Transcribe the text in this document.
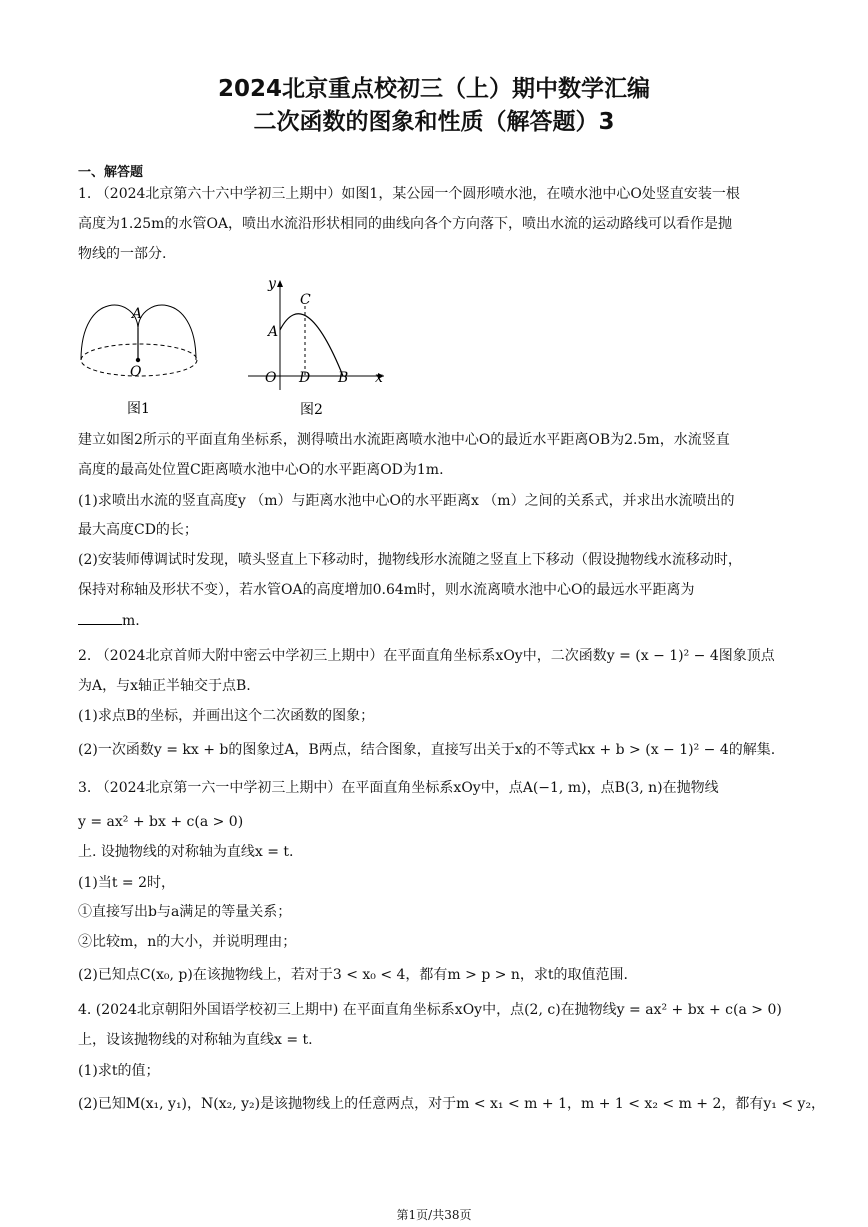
2024北京重点校初三（上）期中数学汇编
二次函数的图象和性质（解答题）3
一、解答题
1. （2024北京第六十六中学初三上期中）如图1，某公园一个圆形喷水池，在喷水池中心O处竖直安装一根
高度为1.25m的水管OA，喷出水流沿形状相同的曲线向各个方向落下，喷出水流的运动路线可以看作是抛
物线的一部分.
A
O
图1
y
C
A
O D B x
图2
建立如图2所示的平面直角坐标系，测得喷出水流距离喷水池中心O的最近水平距离OB为2.5m，水流竖直
高度的最高处位置C距离喷水池中心O的水平距离OD为1m.
(1)求喷出水流的竖直高度y （m）与距离水池中心O的水平距离x （m）之间的关系式，并求出水流喷出的
最大高度CD的长；
(2)安装师傅调试时发现，喷头竖直上下移动时，抛物线形水流随之竖直上下移动（假设抛物线水流移动时，
保持对称轴及形状不变），若水管OA的高度增加0.64m时，则水流离喷水池中心O的最远水平距离为
m.
2. （2024北京首师大附中密云中学初三上期中）在平面直角坐标系xOy中，二次函数y = (x − 1)² − 4图象顶点
为A，与x轴正半轴交于点B.
(1)求点B的坐标，并画出这个二次函数的图象；
(2)一次函数y = kx + b的图象过A，B两点，结合图象，直接写出关于x的不等式kx + b > (x − 1)² − 4的解集.
3. （2024北京第一六一中学初三上期中）在平面直角坐标系xOy中，点A(−1, m)，点B(3, n)在抛物线
y = ax² + bx + c(a > 0)
上. 设抛物线的对称轴为直线x = t.
(1)当t = 2时，
①直接写出b与a满足的等量关系；
②比较m，n的大小，并说明理由；
(2)已知点C(x₀, p)在该抛物线上，若对于3 < x₀ < 4，都有m > p > n，求t的取值范围.
4. (2024北京朝阳外国语学校初三上期中) 在平面直角坐标系xOy中，点(2, c)在抛物线y = ax² + bx + c(a > 0)
上，设该抛物线的对称轴为直线x = t.
(1)求t的值；
(2)已知M(x₁, y₁)，N(x₂, y₂)是该抛物线上的任意两点，对于m < x₁ < m + 1，m + 1 < x₂ < m + 2，都有y₁ < y₂，
第1页/共38页
